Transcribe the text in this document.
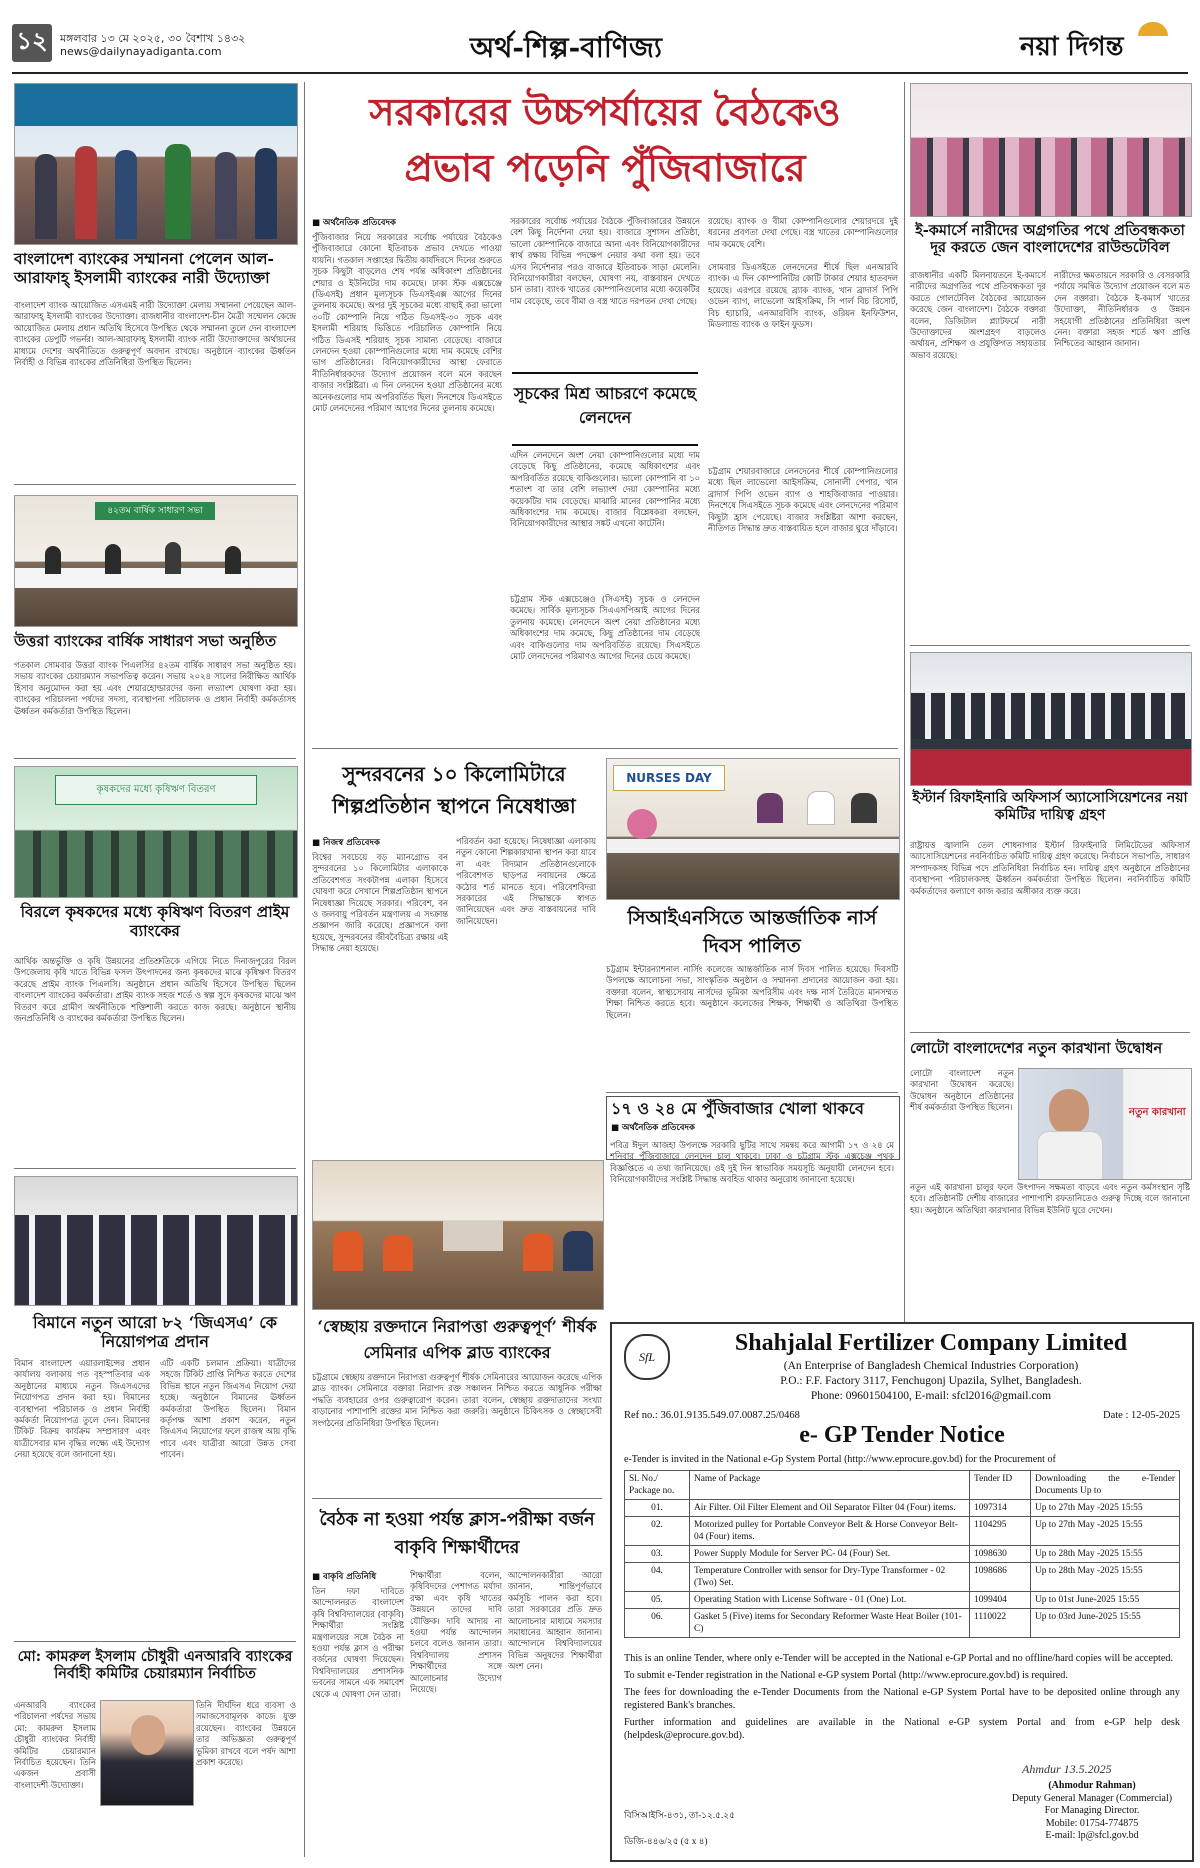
১২	মঙ্গলবার ১৩ মে ২০২৫, ৩০ বৈশাখ ১৪৩২
news@dailynayadiganta.com	অর্থ-শিল্প-বাণিজ্য	নয়া দিগন্ত
বাংলাদেশ ব্যাংকের সম্মাননা পেলেন আল-আরাফাহ্ ইসলামী ব্যাংকের নারী উদ্যোক্তা

বাংলাদেশ ব্যাংক আয়োজিত এসএমই নারী উদ্যোক্তা মেলায় সম্মাননা পেয়েছেন আল-আরাফাহ্ ইসলামী ব্যাংকের উদ্যোক্তা। রাজধানীর বাংলাদেশ-চীন মৈত্রী সম্মেলন কেন্দ্রে আয়োজিত মেলায় প্রধান অতিথি হিসেবে উপস্থিত থেকে সম্মাননা তুলে দেন বাংলাদেশ ব্যাংকের ডেপুটি গভর্নর। আল-আরাফাহ্ ইসলামী ব্যাংক নারী উদ্যোক্তাদের অর্থায়নের মাধ্যমে দেশের অর্থনীতিতে গুরুত্বপূর্ণ অবদান রাখছে। অনুষ্ঠানে ব্যাংকের ঊর্ধ্বতন নির্বাহী ও বিভিন্ন ব্যাংকের প্রতিনিধিরা উপস্থিত ছিলেন।

৪২তম বার্ষিক সাধারণ সভা
উত্তরা ব্যাংকের বার্ষিক সাধারণ সভা অনুষ্ঠিত

গতকাল সোমবার উত্তরা ব্যাংক পিএলসির ৪২তম বার্ষিক সাধারণ সভা অনুষ্ঠিত হয়। সভায় ব্যাংকের চেয়ারম্যান সভাপতিত্ব করেন। সভায় ২০২৪ সালের নিরীক্ষিত আর্থিক হিসাব অনুমোদন করা হয় এবং শেয়ারহোল্ডারদের জন্য লভ্যাংশ ঘোষণা করা হয়। ব্যাংকের পরিচালনা পর্ষদের সদস্য, ব্যবস্থাপনা পরিচালক ও প্রধান নির্বাহী কর্মকর্তাসহ ঊর্ধ্বতন কর্মকর্তারা উপস্থিত ছিলেন।

কৃষকদের মধ্যে কৃষিঋণ বিতরণ
বিরলে কৃষকদের মধ্যে কৃষিঋণ বিতরণ প্রাইম ব্যাংকের

আর্থিক অন্তর্ভুক্তি ও কৃষি উন্নয়নের প্রতিশ্রুতিকে এগিয়ে নিতে দিনাজপুরের বিরল উপজেলায় কৃষি খাতে বিভিন্ন ফসল উৎপাদনের জন্য কৃষকদের মাঝে কৃষিঋণ বিতরণ করেছে প্রাইম ব্যাংক পিএলসি। অনুষ্ঠানে প্রধান অতিথি হিসেবে উপস্থিত ছিলেন বাংলাদেশ ব্যাংকের কর্মকর্তারা। প্রাইম ব্যাংক সহজ শর্তে ও স্বল্প সুদে কৃষকদের মাঝে ঋণ বিতরণ করে গ্রামীণ অর্থনীতিকে শক্তিশালী করতে কাজ করছে। অনুষ্ঠানে স্থানীয় জনপ্রতিনিধি ও ব্যাংকের কর্মকর্তারা উপস্থিত ছিলেন।

বিমানে নতুন আরো ৮২ ‘জিএসএ’ কে নিয়োগপত্র প্রদান

বিমান বাংলাদেশ এয়ারলাইন্সের প্রধান কার্যালয় বলাকায় গত বৃহস্পতিবার এক অনুষ্ঠানের মাধ্যমে নতুন জিএসএদের নিয়োগপত্র প্রদান করা হয়। বিমানের ব্যবস্থাপনা পরিচালক ও প্রধান নির্বাহী কর্মকর্তা নিয়োগপত্র তুলে দেন। বিমানের টিকিট বিক্রয় কার্যক্রম সম্প্রসারণ এবং যাত্রীসেবার মান বৃদ্ধির লক্ষ্যে এই উদ্যোগ নেয়া হয়েছে বলে জানানো হয়।

এটি একটি চলমান প্রক্রিয়া। যাত্রীদের সহজে টিকিট প্রাপ্তি নিশ্চিত করতে দেশের বিভিন্ন স্থানে নতুন জিএসএ নিয়োগ দেয়া হচ্ছে। অনুষ্ঠানে বিমানের ঊর্ধ্বতন কর্মকর্তারা উপস্থিত ছিলেন। বিমান কর্তৃপক্ষ আশা প্রকাশ করেন, নতুন জিএসএ নিয়োগের ফলে রাজস্ব আয় বৃদ্ধি পাবে এবং যাত্রীরা আরো উন্নত সেবা পাবেন।

মো: কামরুল ইসলাম চৌধুরী এনআরবি ব্যাংকের নির্বাহী কমিটির চেয়ারম্যান নির্বাচিত

এনআরবি ব্যাংকের পরিচালনা পর্ষদের সভায় মো: কামরুল ইসলাম চৌধুরী ব্যাংকের নির্বাহী কমিটির চেয়ারম্যান নির্বাচিত হয়েছেন। তিনি একজন প্রবাসী বাংলাদেশী উদ্যোক্তা।

তিনি দীর্ঘদিন ধরে ব্যবসা ও সমাজসেবামূলক কাজে যুক্ত রয়েছেন। ব্যাংকের উন্নয়নে তার অভিজ্ঞতা গুরুত্বপূর্ণ ভূমিকা রাখবে বলে পর্ষদ আশা প্রকাশ করেছে।

সরকারের উচ্চপর্যায়ের বৈঠকেও
প্রভাব পড়েনি পুঁজিবাজারে
■ অর্থনৈতিক প্রতিবেদক

পুঁজিবাজার নিয়ে সরকারের সর্বোচ্চ পর্যায়ের বৈঠকেও পুঁজিবাজারে কোনো ইতিবাচক প্রভাব দেখতে পাওয়া যায়নি। গতকাল সপ্তাহের দ্বিতীয় কার্যদিবসে দিনের শুরুতে সূচক কিছুটা বাড়লেও শেষ পর্যন্ত অধিকাংশ প্রতিষ্ঠানের শেয়ার ও ইউনিটের দাম কমেছে। ঢাকা স্টক এক্সচেঞ্জে (ডিএসই) প্রধান মূল্যসূচক ডিএসইএক্স আগের দিনের তুলনায় কমেছে। অপর দুই সূচকের মধ্যে বাছাই করা ভালো ৩০টি কোম্পানি নিয়ে গঠিত ডিএসই-৩০ সূচক এবং ইসলামী শরিয়াহ ভিত্তিতে পরিচালিত কোম্পানি নিয়ে গঠিত ডিএসই শরিয়াহ সূচক সামান্য বেড়েছে। বাজারে লেনদেন হওয়া কোম্পানিগুলোর মধ্যে দাম কমেছে বেশির ভাগ প্রতিষ্ঠানের। বিনিয়োগকারীদের আস্থা ফেরাতে নীতিনির্ধারকদের উদ্যোগ প্রয়োজন বলে মনে করছেন বাজার সংশ্লিষ্টরা। এ দিন লেনদেন হওয়া প্রতিষ্ঠানের মধ্যে অনেকগুলোর দাম অপরিবর্তিত ছিল। দিনশেষে ডিএসইতে মোট লেনদেনের পরিমাণ আগের দিনের তুলনায় কমেছে।

সরকারের সর্বোচ্চ পর্যায়ের বৈঠকে পুঁজিবাজারের উন্নয়নে বেশ কিছু নির্দেশনা দেয়া হয়। বাজারে সুশাসন প্রতিষ্ঠা, ভালো কোম্পানিকে বাজারে আনা এবং বিনিয়োগকারীদের স্বার্থ রক্ষায় বিভিন্ন পদক্ষেপ নেয়ার কথা বলা হয়। তবে এসব নির্দেশনার পরও বাজারে ইতিবাচক সাড়া মেলেনি। বিনিয়োগকারীরা বলছেন, ঘোষণা নয়, বাস্তবায়ন দেখতে চান তারা। ব্যাংক খাতের কোম্পানিগুলোর মধ্যে কয়েকটির দাম বেড়েছে, তবে বীমা ও বস্ত্র খাতে দরপতন দেখা গেছে।

সূচকের মিশ্র আচরণে কমেছে লেনদেন

এদিন লেনদেনে অংশ নেয়া কোম্পানিগুলোর মধ্যে দাম বেড়েছে কিছু প্রতিষ্ঠানের, কমেছে অধিকাংশের এবং অপরিবর্তিত রয়েছে বাকিগুলোর। ভালো কোম্পানি বা ১০ শতাংশ বা তার বেশি লভ্যাংশ দেয়া কোম্পানির মধ্যে কয়েকটির দাম বেড়েছে। মাঝারি মানের কোম্পানির মধ্যে অধিকাংশের দাম কমেছে। বাজার বিশ্লেষকরা বলছেন, বিনিয়োগকারীদের আস্থার সঙ্কট এখনো কাটেনি।

চট্টগ্রাম স্টক এক্সচেঞ্জেও (সিএসই) সূচক ও লেনদেন কমেছে। সার্বিক মূল্যসূচক সিএএসপিআই আগের দিনের তুলনায় কমেছে। লেনদেনে অংশ নেয়া প্রতিষ্ঠানের মধ্যে অধিকাংশের দাম কমেছে, কিছু প্রতিষ্ঠানের দাম বেড়েছে এবং বাকিগুলোর দাম অপরিবর্তিত রয়েছে। সিএসইতে মোট লেনদেনের পরিমাণও আগের দিনের চেয়ে কমেছে।

রয়েছে। ব্যাংক ও বীমা কোম্পানিগুলোর শেয়ারদরে দুই ধরনের প্রবণতা দেখা গেছে। বস্ত্র খাতের কোম্পানিগুলোর দাম কমেছে বেশি।

সোমবার ডিএসইতে লেনদেনের শীর্ষে ছিল এনআরবি ব্যাংক। এ দিন কোম্পানিটির কোটি টাকার শেয়ার হাতবদল হয়েছে। এরপরে রয়েছে ব্র্যাক ব্যাংক, খান ব্রাদার্স পিপি ওভেন ব্যাগ, লাভেলো আইসক্রিম, সি পার্ল বিচ রিসোর্ট, বিচ হ্যাচারি, এনআরবিসি ব্যাংক, ওরিয়ন ইনফিউশন, মিডল্যান্ড ব্যাংক ও ফাইন ফুডস।

চট্টগ্রাম শেয়ারবাজারে লেনদেনের শীর্ষে কোম্পানিগুলোর মধ্যে ছিল লাভেলো আইসক্রিম, সোনালী পেপার, খান ব্রাদার্স পিপি ওভেন ব্যাগ ও শাহজিবাজার পাওয়ার। দিনশেষে সিএসইতে সূচক কমেছে এবং লেনদেনের পরিমাণ কিছুটা হ্রাস পেয়েছে। বাজার সংশ্লিষ্টরা আশা করছেন, নীতিগত সিদ্ধান্ত দ্রুত বাস্তবায়িত হলে বাজার ঘুরে দাঁড়াবে।

সুন্দরবনের ১০ কিলোমিটারে শিল্পপ্রতিষ্ঠান স্থাপনে নিষেধাজ্ঞা
■ নিজস্ব প্রতিবেদক

বিশ্বের সবচেয়ে বড় ম্যানগ্রোভ বন সুন্দরবনের ১০ কিলোমিটার এলাকাকে প্রতিবেশগত সংকটাপন্ন এলাকা হিসেবে ঘোষণা করে সেখানে শিল্পপ্রতিষ্ঠান স্থাপনে নিষেধাজ্ঞা দিয়েছে সরকার। পরিবেশ, বন ও জলবায়ু পরিবর্তন মন্ত্রণালয় এ সংক্রান্ত প্রজ্ঞাপন জারি করেছে। প্রজ্ঞাপনে বলা হয়েছে, সুন্দরবনের জীববৈচিত্র্য রক্ষায় এই সিদ্ধান্ত নেয়া হয়েছে।

পরিবর্তন করা হয়েছে। নিষেধাজ্ঞা এলাকায় নতুন কোনো শিল্পকারখানা স্থাপন করা যাবে না এবং বিদ্যমান প্রতিষ্ঠানগুলোকে পরিবেশগত ছাড়পত্র নবায়নের ক্ষেত্রে কঠোর শর্ত মানতে হবে। পরিবেশবিদরা সরকারের এই সিদ্ধান্তকে স্বাগত জানিয়েছেন এবং দ্রুত বাস্তবায়নের দাবি জানিয়েছেন।

NURSES DAY
সিআইএনসিতে আন্তর্জাতিক নার্স দিবস পালিত

চট্টগ্রাম ইন্টারন্যাশনাল নার্সিং কলেজে আন্তর্জাতিক নার্স দিবস পালিত হয়েছে। দিবসটি উপলক্ষে আলোচনা সভা, সাংস্কৃতিক অনুষ্ঠান ও সম্মাননা প্রদানের আয়োজন করা হয়। বক্তারা বলেন, স্বাস্থ্যসেবায় নার্সদের ভূমিকা অপরিসীম এবং দক্ষ নার্স তৈরিতে মানসম্মত শিক্ষা নিশ্চিত করতে হবে। অনুষ্ঠানে কলেজের শিক্ষক, শিক্ষার্থী ও অতিথিরা উপস্থিত ছিলেন।

১৭ ও ২৪ মে পুঁজিবাজার খোলা থাকবে
■ অর্থনৈতিক প্রতিবেদক

পবিত্র ঈদুল আজহা উপলক্ষে সরকারি ছুটির সাথে সমন্বয় করে আগামী ১৭ ও ২৪ মে শনিবার পুঁজিবাজারে লেনদেন চালু থাকবে। ঢাকা ও চট্টগ্রাম স্টক এক্সচেঞ্জ পৃথক বিজ্ঞপ্তিতে এ তথ্য জানিয়েছে। ওই দুই দিন স্বাভাবিক সময়সূচি অনুযায়ী লেনদেন হবে। বিনিয়োগকারীদের সংশ্লিষ্ট সিদ্ধান্ত অবহিত থাকার অনুরোধ জানানো হয়েছে।

‘স্বেচ্ছায় রক্তদানে নিরাপত্তা গুরুত্বপূর্ণ’ শীর্ষক সেমিনার এপিক ব্লাড ব্যাংকের

চট্টগ্রামে স্বেচ্ছায় রক্তদানে নিরাপত্তা গুরুত্বপূর্ণ শীর্ষক সেমিনারের আয়োজন করেছে এপিক ব্লাড ব্যাংক। সেমিনারে বক্তারা নিরাপদ রক্ত সঞ্চালন নিশ্চিত করতে আধুনিক পরীক্ষা পদ্ধতি ব্যবহারের ওপর গুরুত্বারোপ করেন। তারা বলেন, স্বেচ্ছায় রক্তদাতাদের সংখ্যা বাড়ানোর পাশাপাশি রক্তের মান নিশ্চিত করা জরুরি। অনুষ্ঠানে চিকিৎসক ও স্বেচ্ছাসেবী সংগঠনের প্রতিনিধিরা উপস্থিত ছিলেন।

বৈঠক না হওয়া পর্যন্ত ক্লাস-পরীক্ষা বর্জন বাকৃবি শিক্ষার্থীদের
■ বাকৃবি প্রতিনিধি

তিন দফা দাবিতে আন্দোলনরত বাংলাদেশ কৃষি বিশ্ববিদ্যালয়ের (বাকৃবি) শিক্ষার্থীরা সংশ্লিষ্ট মন্ত্রণালয়ের সঙ্গে বৈঠক না হওয়া পর্যন্ত ক্লাস ও পরীক্ষা বর্জনের ঘোষণা দিয়েছেন। বিশ্ববিদ্যালয়ের প্রশাসনিক ভবনের সামনে এক সমাবেশ থেকে এ ঘোষণা দেন তারা।

শিক্ষার্থীরা বলেন, কৃষিবিদদের পেশাগত মর্যাদা রক্ষা এবং কৃষি খাতের উন্নয়নে তাদের দাবি যৌক্তিক। দাবি আদায় না হওয়া পর্যন্ত আন্দোলন চলবে বলেও জানান তারা। বিশ্ববিদ্যালয় প্রশাসন শিক্ষার্থীদের সঙ্গে আলোচনার উদ্যোগ নিয়েছে।

আন্দোলনকারীরা আরো জানান, শান্তিপূর্ণভাবে কর্মসূচি পালন করা হবে। তারা সরকারের প্রতি দ্রুত আলোচনার মাধ্যমে সমস্যার সমাধানের আহ্বান জানান। আন্দোলনে বিশ্ববিদ্যালয়ের বিভিন্ন অনুষদের শিক্ষার্থীরা অংশ নেন।

ই-কমার্সে নারীদের অগ্রগতির পথে প্রতিবন্ধকতা দূর করতে জেন বাংলাদেশের রাউন্ডটেবিল

রাজধানীর একটি মিলনায়তনে ই-কমার্সে নারীদের অগ্রগতির পথে প্রতিবন্ধকতা দূর করতে গোলটেবিল বৈঠকের আয়োজন করেছে জেন বাংলাদেশ। বৈঠকে বক্তারা বলেন, ডিজিটাল প্ল্যাটফর্মে নারী উদ্যোক্তাদের অংশগ্রহণ বাড়লেও অর্থায়ন, প্রশিক্ষণ ও প্রযুক্তিগত সহায়তার অভাব রয়েছে।

নারীদের ক্ষমতায়নে সরকারি ও বেসরকারি পর্যায়ে সমন্বিত উদ্যোগ প্রয়োজন বলে মত দেন বক্তারা। বৈঠকে ই-কমার্স খাতের উদ্যোক্তা, নীতিনির্ধারক ও উন্নয়ন সহযোগী প্রতিষ্ঠানের প্রতিনিধিরা অংশ নেন। বক্তারা সহজ শর্তে ঋণ প্রাপ্তি নিশ্চিতের আহ্বান জানান।

ইস্টার্ন রিফাইনারি অফিসার্স অ্যাসোসিয়েশনের নয়া কমিটির দায়িত্ব গ্রহণ

রাষ্ট্রায়ত্ত জ্বালানি তেল শোধনাগার ইস্টার্ন রিফাইনারি লিমিটেডের অফিসার্স অ্যাসোসিয়েশনের নবনির্বাচিত কমিটি দায়িত্ব গ্রহণ করেছে। নির্বাচনে সভাপতি, সাধারণ সম্পাদকসহ বিভিন্ন পদে প্রতিনিধিরা নির্বাচিত হন। দায়িত্ব গ্রহণ অনুষ্ঠানে প্রতিষ্ঠানের ব্যবস্থাপনা পরিচালকসহ ঊর্ধ্বতন কর্মকর্তারা উপস্থিত ছিলেন। নবনির্বাচিত কমিটি কর্মকর্তাদের কল্যাণে কাজ করার অঙ্গীকার ব্যক্ত করে।

লোটো বাংলাদেশের নতুন কারখানা উদ্বোধন

লোটো বাংলাদেশ নতুন কারখানা উদ্বোধন করেছে। উদ্বোধন অনুষ্ঠানে প্রতিষ্ঠানের শীর্ষ কর্মকর্তারা উপস্থিত ছিলেন।	নতুন কারখানা

নতুন এই কারখানা চালুর ফলে উৎপাদন সক্ষমতা বাড়বে এবং নতুন কর্মসংস্থান সৃষ্টি হবে। প্রতিষ্ঠানটি দেশীয় বাজারের পাশাপাশি রফতানিতেও গুরুত্ব দিচ্ছে বলে জানানো হয়। অনুষ্ঠানে অতিথিরা কারখানার বিভিন্ন ইউনিট ঘুরে দেখেন।

SfL
Shahjalal Fertilizer Company Limited
(An Enterprise of Bangladesh Chemical Industries Corporation)
P.O.: F.F. Factory 3117, Fenchugonj Upazila, Sylhet, Bangladesh.
Phone: 09601504100, E-mail: sfcl2016@gmail.com
Ref no.: 36.01.9135.549.07.0087.25/0468	Date : 12-05-2025
e- GP Tender Notice
e-Tender is invited in the National e-Gp System Portal (http://www.eprocure.gov.bd) for the Procurement of
Sl. No./ Package no.	Name of Package	Tender ID	Downloading the e-Tender Documents Up to
01.	Air Filter. Oil Filter Element and Oil Separator Filter 04 (Four) items.	1097314	Up to 27th May -2025 15:55
02.	Motorized pulley for Portable Conveyor Belt & Horse Conveyor Belt-04 (Four) items.	1104295	Up to 27th May -2025 15:55
03.	Power Supply Module for Server PC- 04 (Four) Set.	1098630	Up to 28th May -2025 15:55
04.	Temperature Controller with sensor for Dry-Type Transformer - 02 (Two) Set.	1098686	Up to 28th May -2025 15:55
05.	Operating Station with License Software - 01 (One) Lot.	1099404	Up to 01st June-2025 15:55
06.	Gasket 5 (Five) items for Secondary Reformer Waste Heat Boiler (101-C)	1110022	Up to 03rd June-2025 15:55
This is an online Tender, where only e-Tender will be accepted in the National e-GP Portal and no offline/hard copies will be accepted.
To submit e-Tender registration in the National e-GP system Portal (http://www.eprocure.gov.bd) is required.
The fees for downloading the e-Tender Documents from the National e-GP System Portal have to be deposited online through any registered Bank's branches.
Further information and guidelines are available in the National e-GP system Portal and from e-GP help desk (helpdesk@eprocure.gov.bd).
Ahmdur 13.5.2025
(Ahmodur Rahman)
Deputy General Manager (Commercial)
For Managing Director.
Mobile: 01754-774875
E-mail: lp@sfcl.gov.bd
বিসিআইসি-৪৩১, তা-১২.৫.২৫
ডিজি-৪৪৬/২৫ (৫ x ৪)
